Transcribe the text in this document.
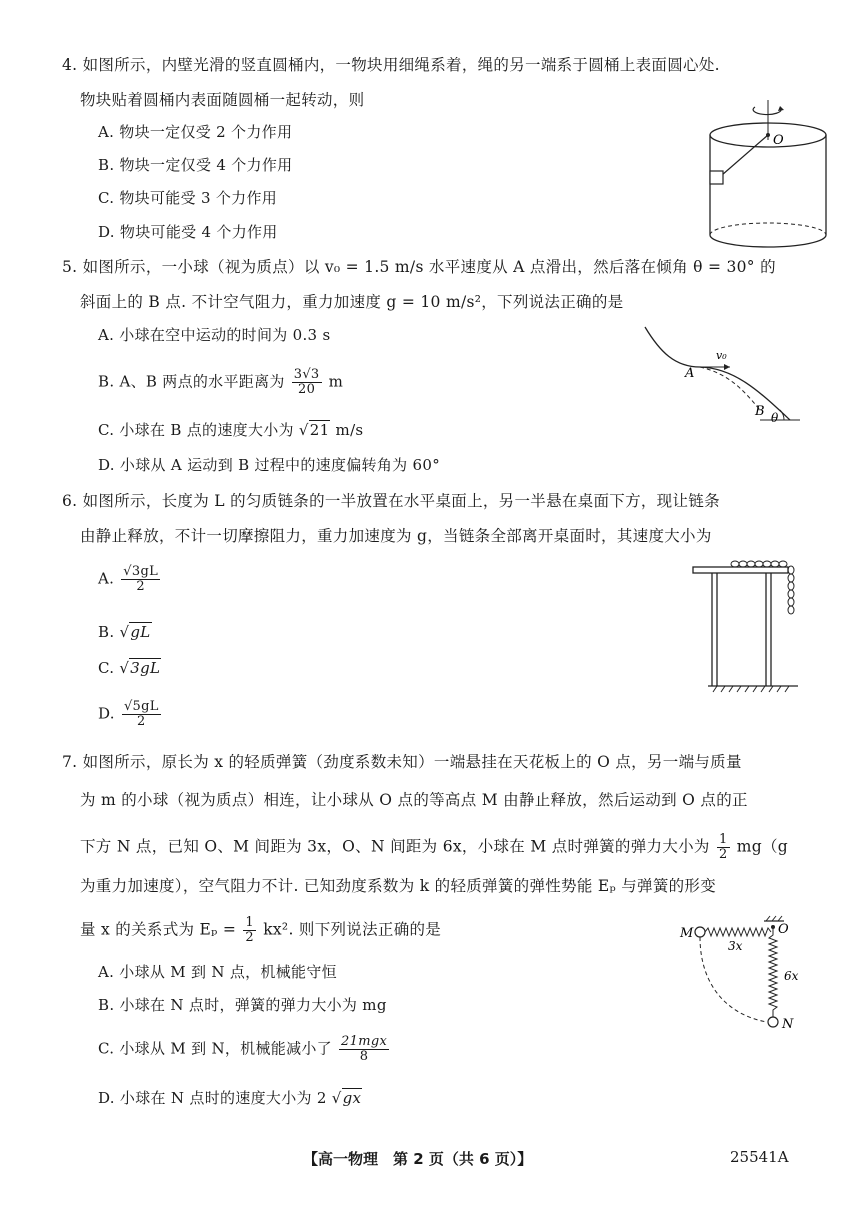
4. 如图所示，内壁光滑的竖直圆桶内，一物块用细绳系着，绳的另一端系于圆桶上表面圆心处.
物块贴着圆桶内表面随圆桶一起转动，则
A. 物块一定仅受 2 个力作用
B. 物块一定仅受 4 个力作用
C. 物块可能受 3 个力作用
D. 物块可能受 4 个力作用
O
5. 如图所示，一小球（视为质点）以 v₀ = 1.5 m/s 水平速度从 A 点滑出，然后落在倾角 θ = 30° 的
斜面上的 B 点. 不计空气阻力，重力加速度 g = 10 m/s²，下列说法正确的是
A. 小球在空中运动的时间为 0.3 s
B. A、B 两点的水平距离为 $\frac{3√3}{20}$ m
C. 小球在 B 点的速度大小为 √21 m/s
D. 小球从 A 运动到 B 过程中的速度偏转角为 60°
v₀
A
B θ
6. 如图所示，长度为 L 的匀质链条的一半放置在水平桌面上，另一半悬在桌面下方，现让链条
由静止释放，不计一切摩擦阻力，重力加速度为 g，当链条全部离开桌面时，其速度大小为
A. $\frac{√3gL}{2}$
B. √gL
C. √3gL
D. $\frac{√5gL}{2}$
7. 如图所示，原长为 x 的轻质弹簧（劲度系数未知）一端悬挂在天花板上的 O 点，另一端与质量
为 m 的小球（视为质点）相连，让小球从 O 点的等高点 M 由静止释放，然后运动到 O 点的正
下方 N 点，已知 O、M 间距为 3x，O、N 间距为 6x，小球在 M 点时弹簧的弹力大小为 $\frac{1}{2} mg(g$
为重力加速度），空气阻力不计. 已知劲度系数为 k 的轻质弹簧的弹性势能 Eₚ 与弹簧的形变
量 x 的关系式为 $E_p = \frac{1}{2} kx^2$. 则下列说法正确的是
A. 小球从 M 到 N 点，机械能守恒
B. 小球在 N 点时，弹簧的弹力大小为 mg
C. 小球从 M 到 N，机械能减小了 $\frac{\text{21mgx}}{8}$
D. 小球在 N 点时的速度大小为 2 √gx
O
M
3x
6x
N
【高一物理　第 2 页（共 6 页）】	25541A
